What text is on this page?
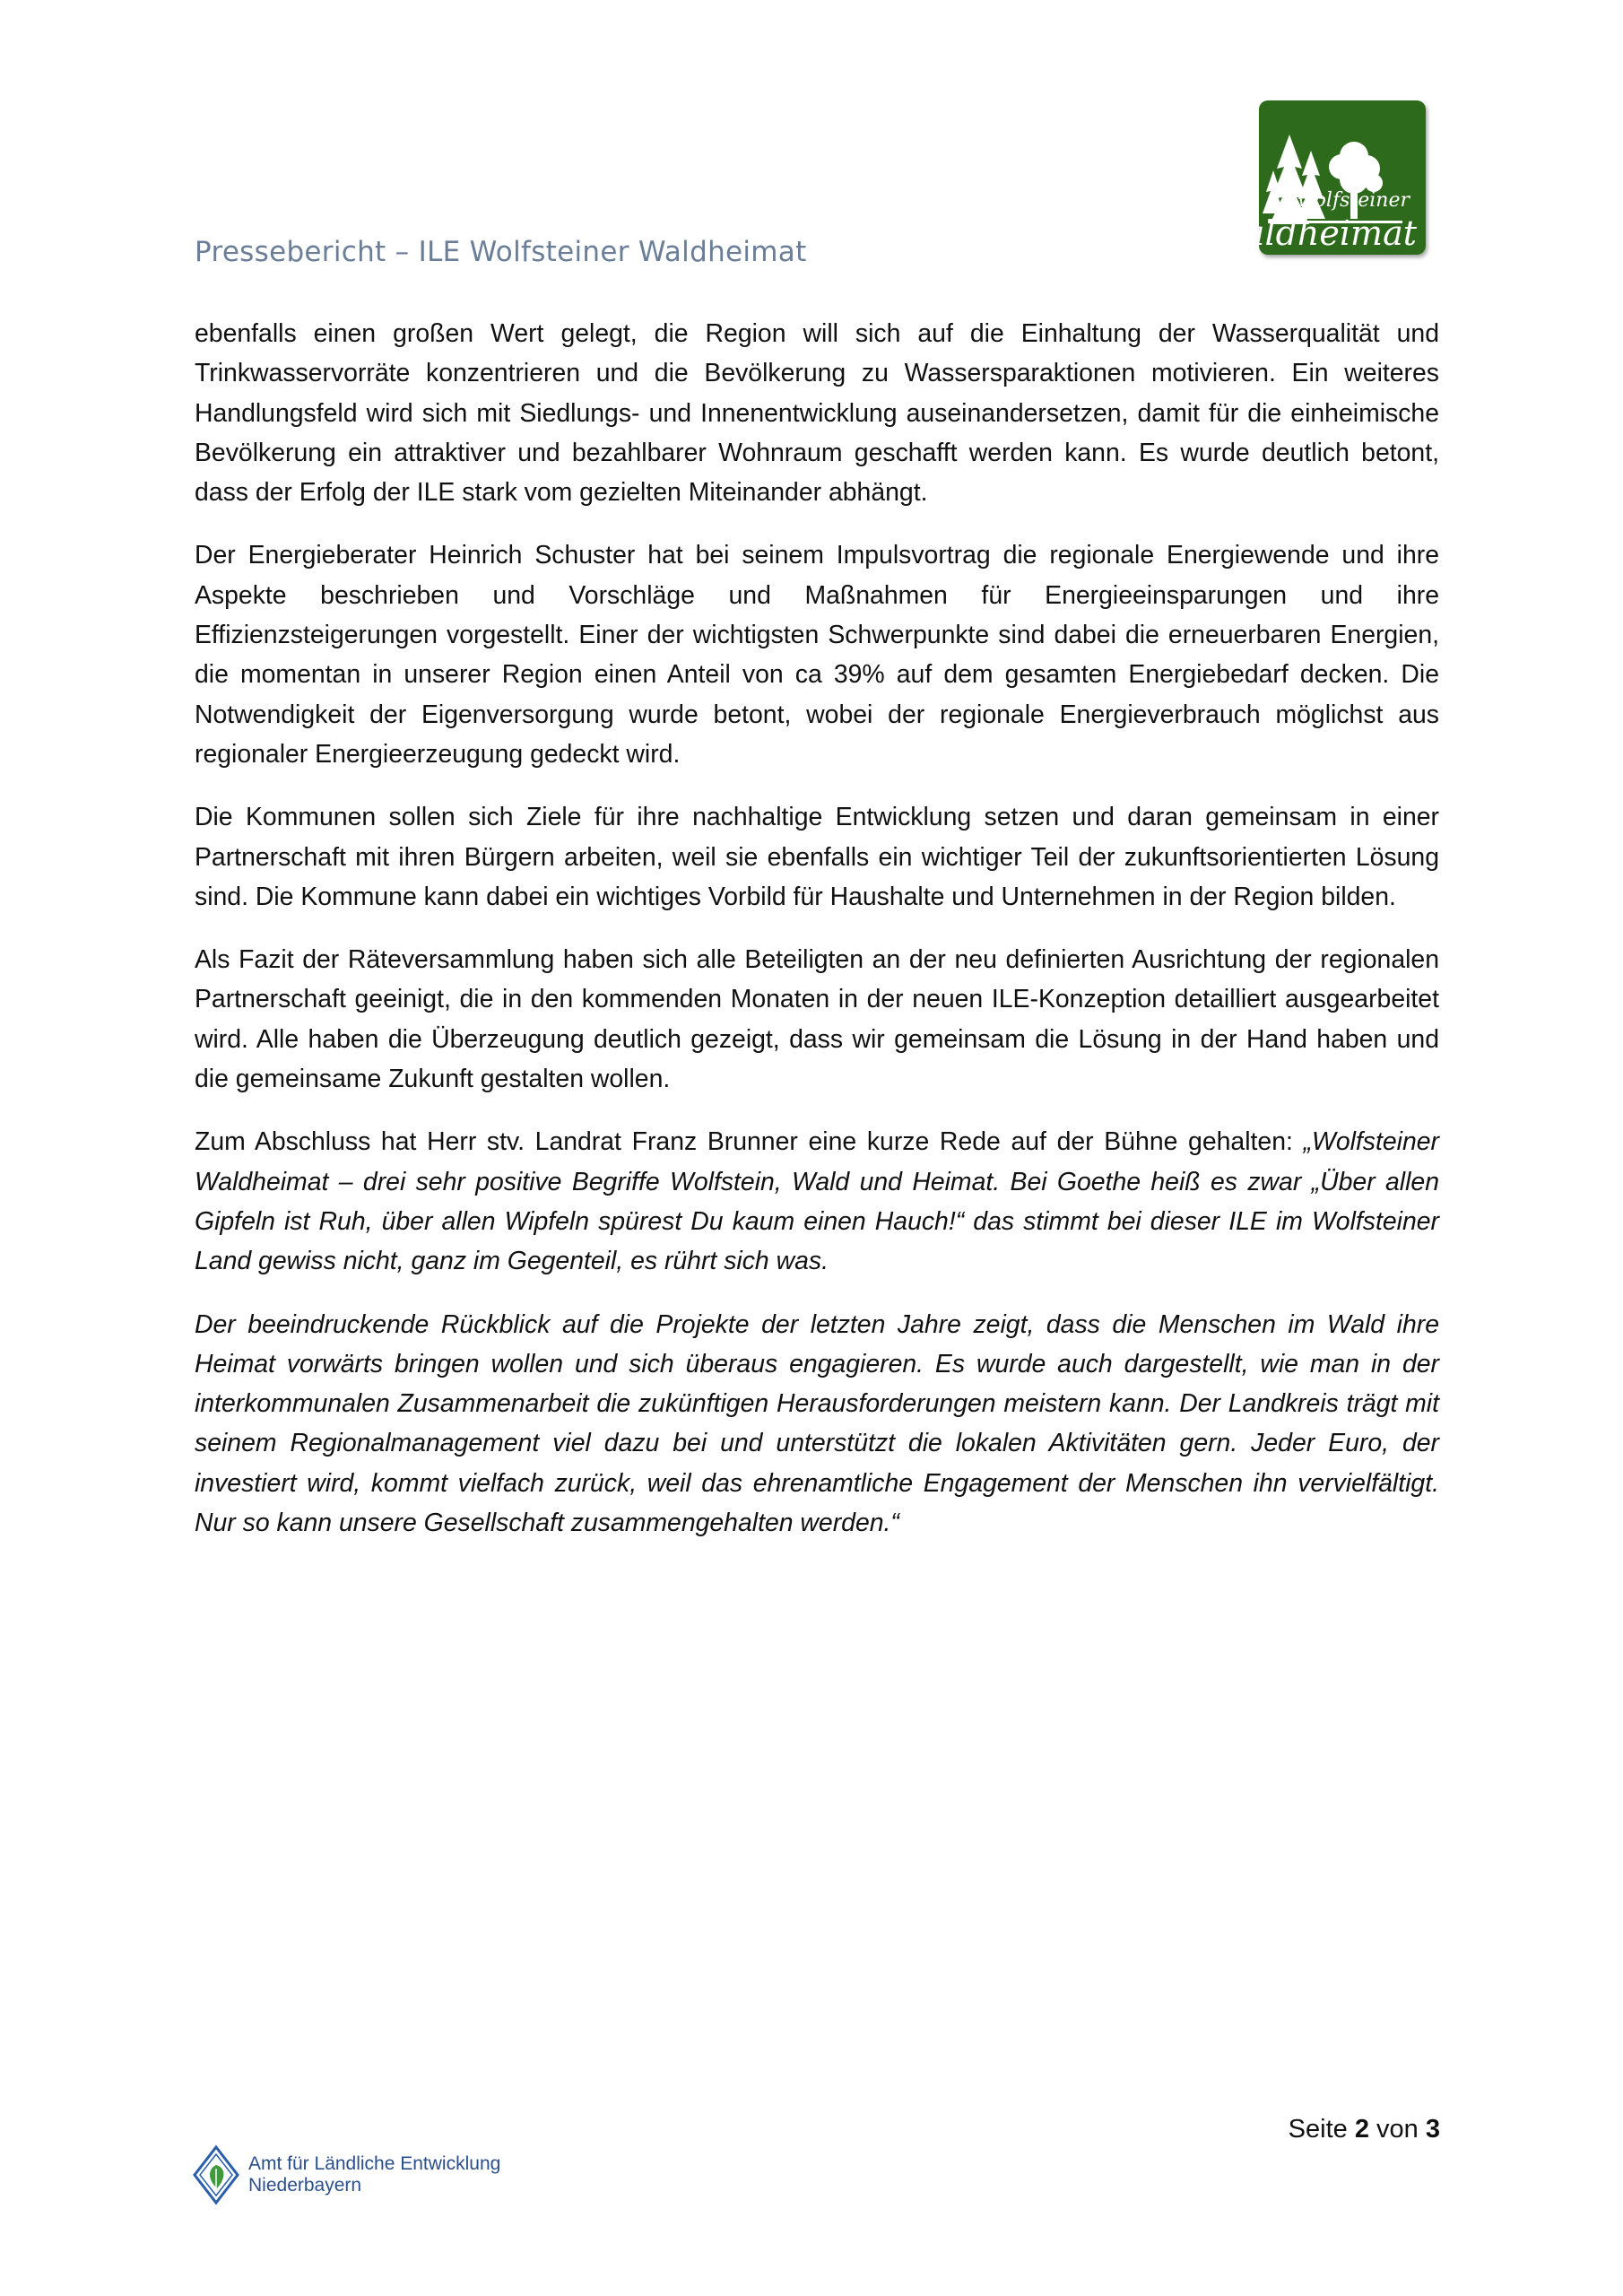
Pressebericht – ILE Wolfsteiner Waldheimat
wolfsteiner
waldheimat

ebenfalls einen großen Wert gelegt, die Region will sich auf die Einhaltung der Wasserqualität und Trinkwasservorräte konzentrieren und die Bevölkerung zu Wassersparaktionen motivieren. Ein weiteres Handlungsfeld wird sich mit Siedlungs- und Innenentwicklung auseinandersetzen, damit für die einheimische Bevölkerung ein attraktiver und bezahlbarer Wohnraum geschafft werden kann. Es wurde deutlich betont, dass der Erfolg der ILE stark vom gezielten Miteinander abhängt.

Der Energieberater Heinrich Schuster hat bei seinem Impulsvortrag die regionale Energiewende und ihre Aspekte beschrieben und Vorschläge und Maßnahmen für Energieeinsparungen und ihre Effizienzsteigerungen vorgestellt. Einer der wichtigsten Schwerpunkte sind dabei die erneuerbaren Energien, die momentan in unserer Region einen Anteil von ca 39% auf dem gesamten Energiebedarf decken. Die Notwendigkeit der Eigenversorgung wurde betont, wobei der regionale Energieverbrauch möglichst aus regionaler Energieerzeugung gedeckt wird.

Die Kommunen sollen sich Ziele für ihre nachhaltige Entwicklung setzen und daran gemeinsam in einer Partnerschaft mit ihren Bürgern arbeiten, weil sie ebenfalls ein wichtiger Teil der zukunftsorientierten Lösung sind. Die Kommune kann dabei ein wichtiges Vorbild für Haushalte und Unternehmen in der Region bilden.

Als Fazit der Räteversammlung haben sich alle Beteiligten an der neu definierten Ausrichtung der regionalen Partnerschaft geeinigt, die in den kommenden Monaten in der neuen ILE-Konzeption detailliert ausgearbeitet wird. Alle haben die Überzeugung deutlich gezeigt, dass wir gemeinsam die Lösung in der Hand haben und die gemeinsame Zukunft gestalten wollen.

Zum Abschluss hat Herr stv. Landrat Franz Brunner eine kurze Rede auf der Bühne gehalten: „Wolfsteiner Waldheimat – drei sehr positive Begriffe Wolfstein, Wald und Heimat. Bei Goethe heiß es zwar „Über allen Gipfeln ist Ruh, über allen Wipfeln spürest Du kaum einen Hauch!“ das stimmt bei dieser ILE im Wolfsteiner Land gewiss nicht, ganz im Gegenteil, es rührt sich was.

Der beeindruckende Rückblick auf die Projekte der letzten Jahre zeigt, dass die Menschen im Wald ihre Heimat vorwärts bringen wollen und sich überaus engagieren. Es wurde auch dargestellt, wie man in der interkommunalen Zusammenarbeit die zukünftigen Herausforderungen meistern kann. Der Landkreis trägt mit seinem Regionalmanagement viel dazu bei und unterstützt die lokalen Aktivitäten gern. Jeder Euro, der investiert wird, kommt vielfach zurück, weil das ehrenamtliche Engagement der Menschen ihn vervielfältigt. Nur so kann unsere Gesellschaft zusammengehalten werden.“

Seite 2 von 3
Amt für Ländliche Entwicklung
Niederbayern
